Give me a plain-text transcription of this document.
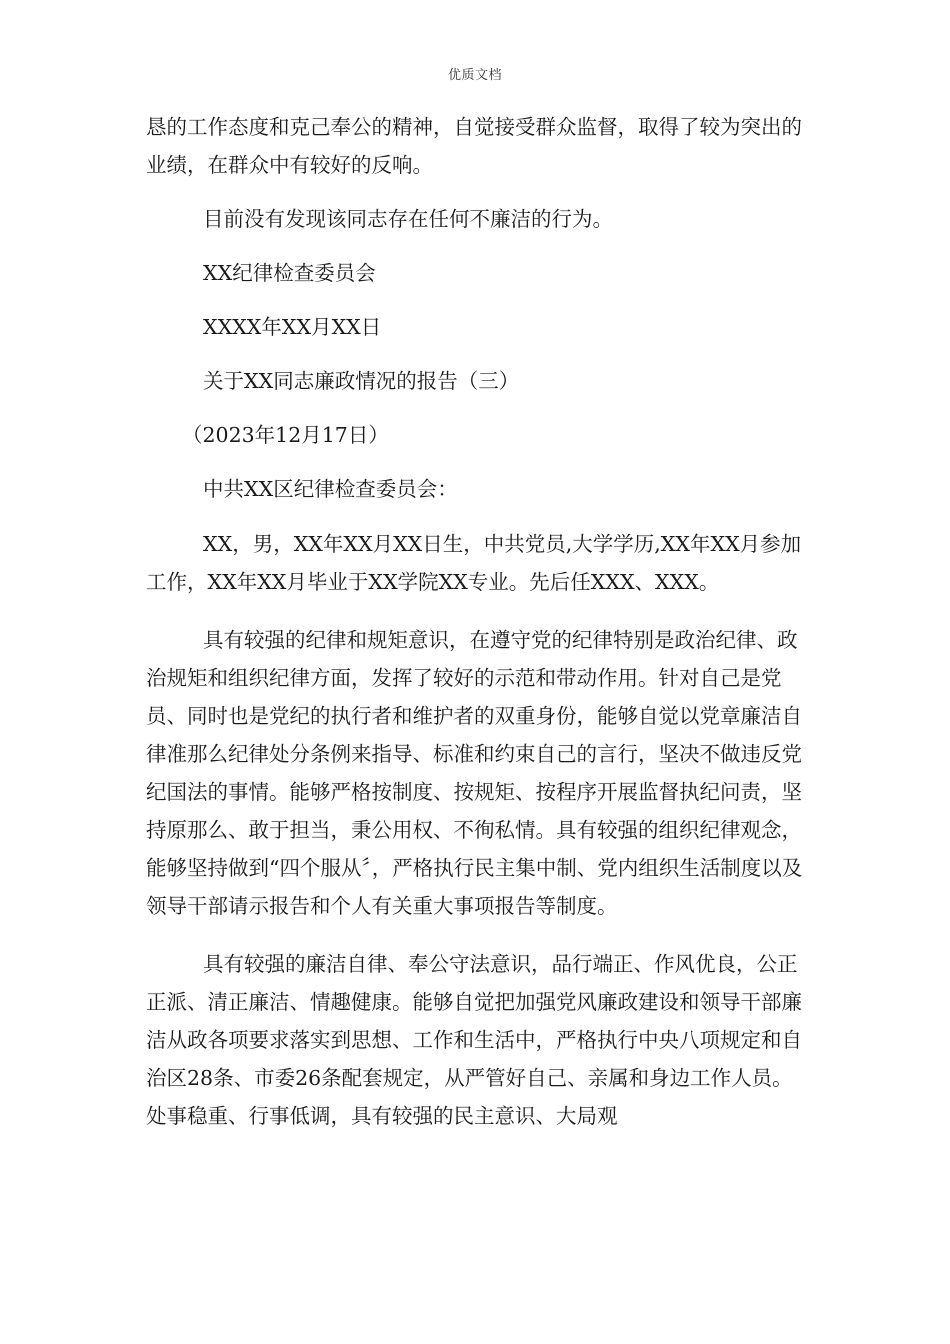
优质文档

恳的工作态度和克己奉公的精神，自觉接受群众监督，取得了较为突出的业绩，在群众中有较好的反响。

目前没有发现该同志存在任何不廉洁的行为。

XX纪律检查委员会

XXXX年XX月XX日

关于XX同志廉政情况的报告（三）

（2023年12月17日）

中共XX区纪律检查委员会：

XX，男，XX年XX月XX日生，中共党员,大学学历,XX年XX月参加工作，XX年XX月毕业于XX学院XX专业。先后任XXX、XXX。

具有较强的纪律和规矩意识，在遵守党的纪律特别是政治纪律、政治规矩和组织纪律方面，发挥了较好的示范和带动作用。针对自己是党员、同时也是党纪的执行者和维护者的双重身份，能够自觉以党章廉洁自律准那么纪律处分条例来指导、标准和约束自己的言行，坚决不做违反党纪国法的事情。能够严格按制度、按规矩、按程序开展监督执纪问责，坚持原那么、敢于担当，秉公用权、不徇私情。具有较强的组织纪律观念，能够坚持做到“四个服从〞，严格执行民主集中制、党内组织生活制度以及领导干部请示报告和个人有关重大事项报告等制度。

具有较强的廉洁自律、奉公守法意识，品行端正、作风优良，公正正派、清正廉洁、情趣健康。能够自觉把加强党风廉政建设和领导干部廉洁从政各项要求落实到思想、工作和生活中，严格执行中央八项规定和自治区28条、市委26条配套规定，从严管好自己、亲属和身边工作人员。处事稳重、行事低调，具有较强的民主意识、大局观
